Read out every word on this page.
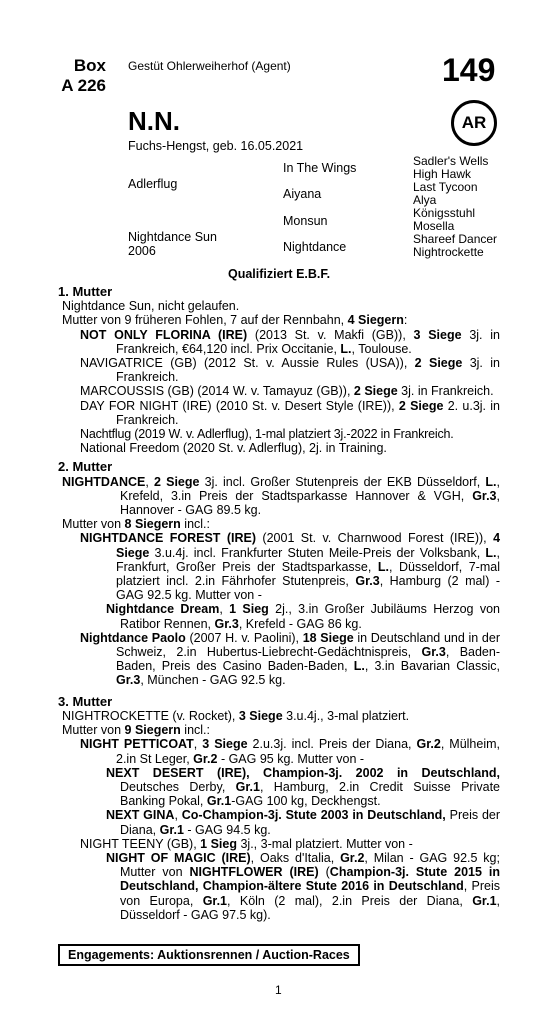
Box
A 226
Gestüt Ohlerweiherhof (Agent)	149
N.N.	AR
Fuchs-Hengst, geb. 16.05.2021
Adlerflug
Nightdance Sun
2006
In The Wings
Aiyana
Monsun
Nightdance
Sadler's Wells
High Hawk
Last Tycoon
Alya
Königsstuhl
Mosella
Shareef Dancer
Nightrockette
Qualifiziert E.B.F.
1. Mutter
Nightdance Sun, nicht gelaufen.
Mutter von 9 früheren Fohlen, 7 auf der Rennbahn, 4 Siegern:
NOT ONLY FLORINA (IRE) (2013 St. v. Makfi (GB)), 3 Siege 3j. in Frankreich, €64,120 incl. Prix Occitanie, L., Toulouse.
NAVIGATRICE (GB) (2012 St. v. Aussie Rules (USA)), 2 Siege 3j. in Frankreich.
MARCOUSSIS (GB) (2014 W. v. Tamayuz (GB)), 2 Siege 3j. in Frankreich.
DAY FOR NIGHT (IRE) (2010 St. v. Desert Style (IRE)), 2 Siege 2. u.3j. in Frankreich.
Nachtflug (2019 W. v. Adlerflug), 1-mal platziert 3j.-2022 in Frankreich.
National Freedom (2020 St. v. Adlerflug), 2j. in Training.
2. Mutter
NIGHTDANCE, 2 Siege 3j. incl. Großer Stutenpreis der EKB Düsseldorf, L., Krefeld, 3.in Preis der Stadtsparkasse Hannover & VGH, Gr.3, Hannover - GAG 89.5 kg.
Mutter von 8 Siegern incl.:
NIGHTDANCE FOREST (IRE) (2001 St. v. Charnwood Forest (IRE)), 4 Siege 3.u.4j. incl. Frankfurter Stuten Meile-Preis der Volksbank, L., Frankfurt, Großer Preis der Stadtsparkasse, L., Düsseldorf, 7-mal platziert incl. 2.in Fährhofer Stutenpreis, Gr.3, Hamburg (2 mal) - GAG 92.5 kg. Mutter von -
Nightdance Dream, 1 Sieg 2j., 3.in Großer Jubiläums Herzog von Ratibor Rennen, Gr.3, Krefeld - GAG 86 kg.
Nightdance Paolo (2007 H. v. Paolini), 18 Siege in Deutschland und in der Schweiz, 2.in Hubertus-Liebrecht-Gedächtnispreis, Gr.3, Baden-Baden, Preis des Casino Baden-Baden, L., 3.in Bavarian Classic, Gr.3, München - GAG 92.5 kg.
3. Mutter
NIGHTROCKETTE (v. Rocket), 3 Siege 3.u.4j., 3-mal platziert.
Mutter von 9 Siegern incl.:
NIGHT PETTICOAT, 3 Siege 2.u.3j. incl. Preis der Diana, Gr.2, Mülheim, 2.in St Leger, Gr.2 - GAG 95 kg. Mutter von -
NEXT DESERT (IRE), Champion-3j. 2002 in Deutschland, Deutsches Derby, Gr.1, Hamburg, 2.in Credit Suisse Private Banking Pokal, Gr.1-GAG 100 kg, Deckhengst.
NEXT GINA, Co-Champion-3j. Stute 2003 in Deutschland, Preis der Diana, Gr.1 - GAG 94.5 kg.
NIGHT TEENY (GB), 1 Sieg 3j., 3-mal platziert. Mutter von -
NIGHT OF MAGIC (IRE), Oaks d'Italia, Gr.2, Milan - GAG 92.5 kg; Mutter von NIGHTFLOWER (IRE) (Champion-3j. Stute 2015 in Deutschland, Champion-ältere Stute 2016 in Deutschland, Preis von Europa, Gr.1, Köln (2 mal), 2.in Preis der Diana, Gr.1, Düsseldorf - GAG 97.5 kg).
Engagements: Auktionsrennen / Auction-Races
1
